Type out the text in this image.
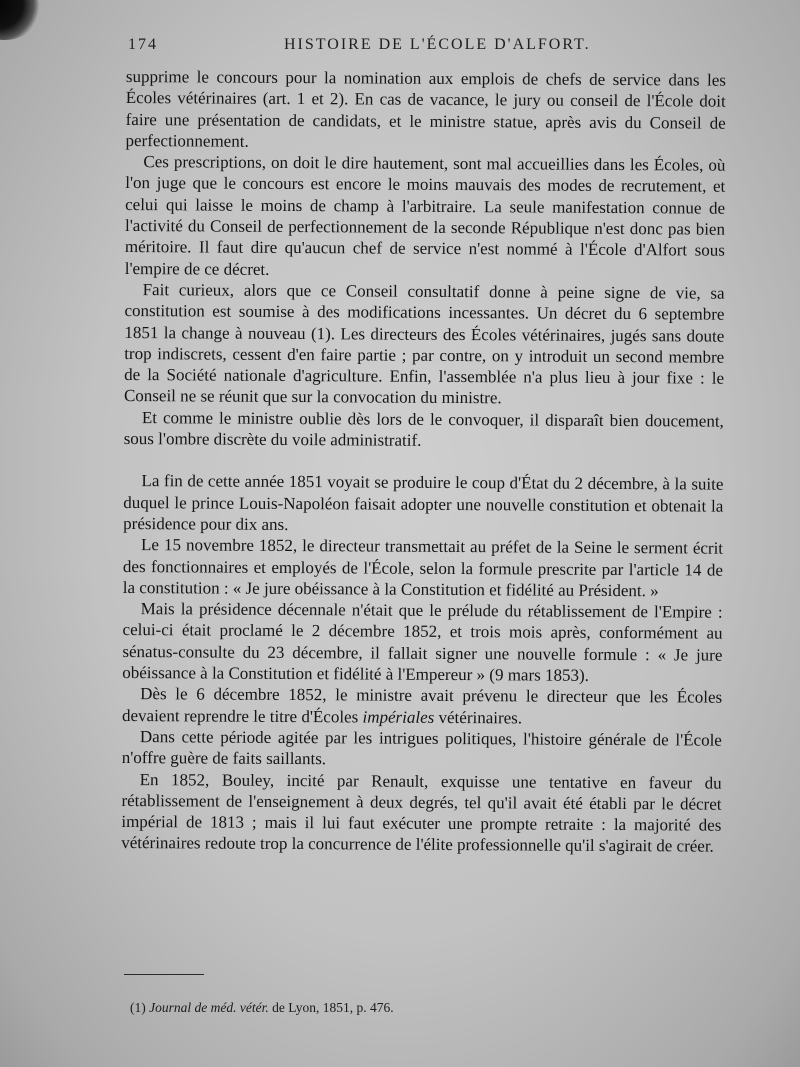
174	HISTOIRE DE L'ÉCOLE D'ALFORT.

supprime le concours pour la nomination aux emplois de chefs de service dans les Écoles vétérinaires (art. 1 et 2). En cas de vacance, le jury ou conseil de l'École doit faire une présentation de candidats, et le ministre statue, après avis du Conseil de perfectionnement.

Ces prescriptions, on doit le dire hautement, sont mal accueillies dans les Écoles, où l'on juge que le concours est encore le moins mauvais des modes de recrutement, et celui qui laisse le moins de champ à l'arbitraire. La seule manifestation connue de l'activité du Conseil de perfectionnement de la seconde République n'est donc pas bien méritoire. Il faut dire qu'aucun chef de service n'est nommé à l'École d'Alfort sous l'empire de ce décret.

Fait curieux, alors que ce Conseil consultatif donne à peine signe de vie, sa constitution est soumise à des modifications incessantes. Un décret du 6 septembre 1851 la change à nouveau (1). Les directeurs des Écoles vétérinaires, jugés sans doute trop indiscrets, cessent d'en faire partie ; par contre, on y introduit un second membre de la Société nationale d'agriculture. Enfin, l'assemblée n'a plus lieu à jour fixe : le Conseil ne se réunit que sur la convocation du ministre.

Et comme le ministre oublie dès lors de le convoquer, il disparaît bien doucement, sous l'ombre discrète du voile administratif.

La fin de cette année 1851 voyait se produire le coup d'État du 2 décembre, à la suite duquel le prince Louis-Napoléon faisait adopter une nouvelle constitution et obtenait la présidence pour dix ans.

Le 15 novembre 1852, le directeur transmettait au préfet de la Seine le serment écrit des fonctionnaires et employés de l'École, selon la formule prescrite par l'article 14 de la constitution : « Je jure obéissance à la Constitution et fidélité au Président. »

Mais la présidence décennale n'était que le prélude du rétablissement de l'Empire : celui-ci était proclamé le 2 décembre 1852, et trois mois après, conformément au sénatus-consulte du 23 décembre, il fallait signer une nouvelle formule : « Je jure obéissance à la Constitution et fidélité à l'Empereur » (9 mars 1853).

Dès le 6 décembre 1852, le ministre avait prévenu le directeur que les Écoles devaient reprendre le titre d'Écoles impériales vétérinaires.

Dans cette période agitée par les intrigues politiques, l'histoire générale de l'École n'offre guère de faits saillants.

En 1852, Bouley, incité par Renault, exquisse une tentative en faveur du rétablissement de l'enseignement à deux degrés, tel qu'il avait été établi par le décret impérial de 1813 ; mais il lui faut exécuter une prompte retraite : la majorité des vétérinaires redoute trop la concurrence de l'élite professionnelle qu'il s'agirait de créer.

(1) Journal de méd. vétér. de Lyon, 1851, p. 476.
